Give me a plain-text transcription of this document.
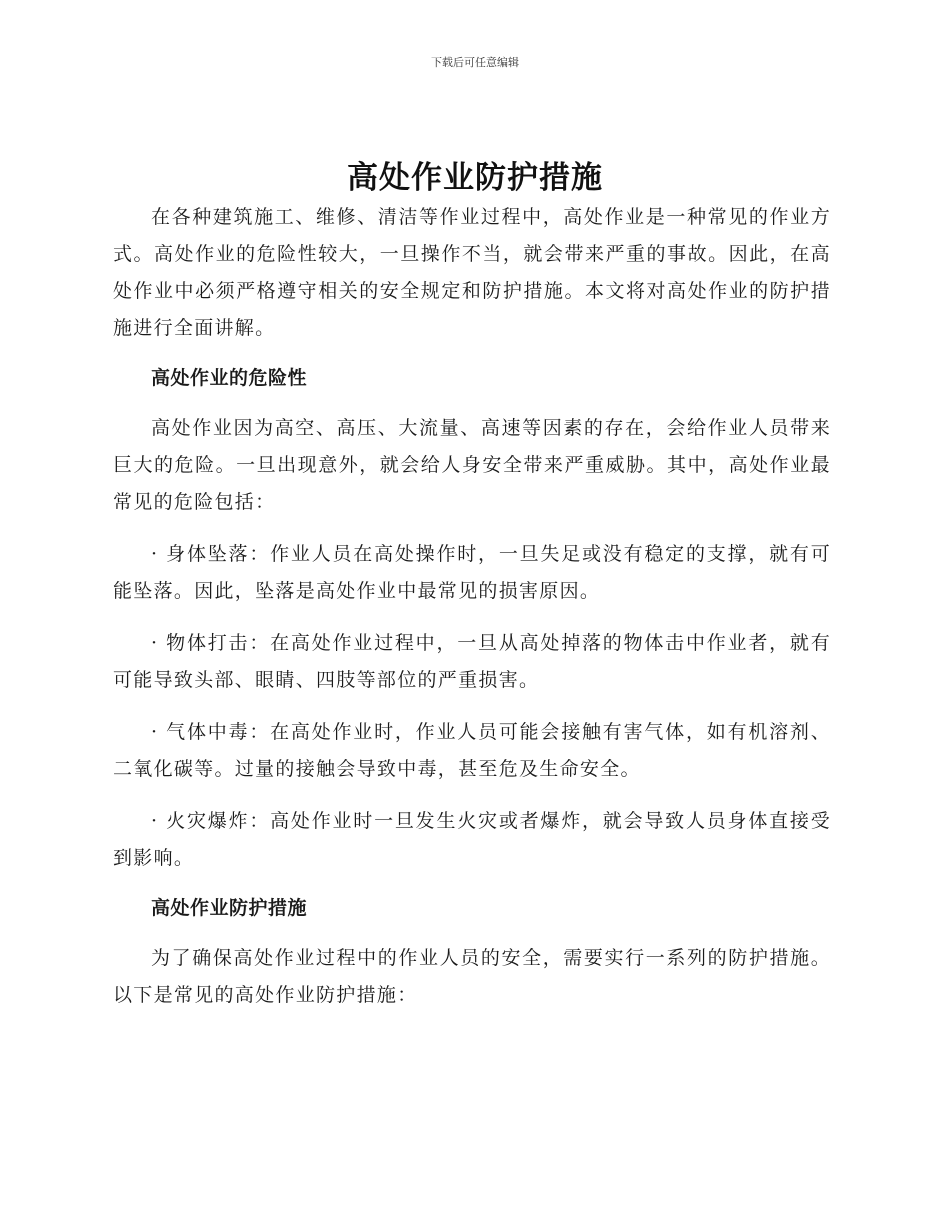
下载后可任意编辑
高处作业防护措施

在各种建筑施工、维修、清洁等作业过程中，高处作业是一种常见的作业方式。高处作业的危险性较大，一旦操作不当，就会带来严重的事故。因此，在高处作业中必须严格遵守相关的安全规定和防护措施。本文将对高处作业的防护措施进行全面讲解。

高处作业的危险性

高处作业因为高空、高压、大流量、高速等因素的存在，会给作业人员带来巨大的危险。一旦出现意外，就会给人身安全带来严重威胁。其中，高处作业最常见的危险包括：

· 身体坠落：作业人员在高处操作时，一旦失足或没有稳定的支撑，就有可能坠落。因此，坠落是高处作业中最常见的损害原因。

· 物体打击：在高处作业过程中，一旦从高处掉落的物体击中作业者，就有可能导致头部、眼睛、四肢等部位的严重损害。

· 气体中毒：在高处作业时，作业人员可能会接触有害气体，如有机溶剂、二氧化碳等。过量的接触会导致中毒，甚至危及生命安全。

· 火灾爆炸：高处作业时一旦发生火灾或者爆炸，就会导致人员身体直接受到影响。

高处作业防护措施

为了确保高处作业过程中的作业人员的安全，需要实行一系列的防护措施。以下是常见的高处作业防护措施：
